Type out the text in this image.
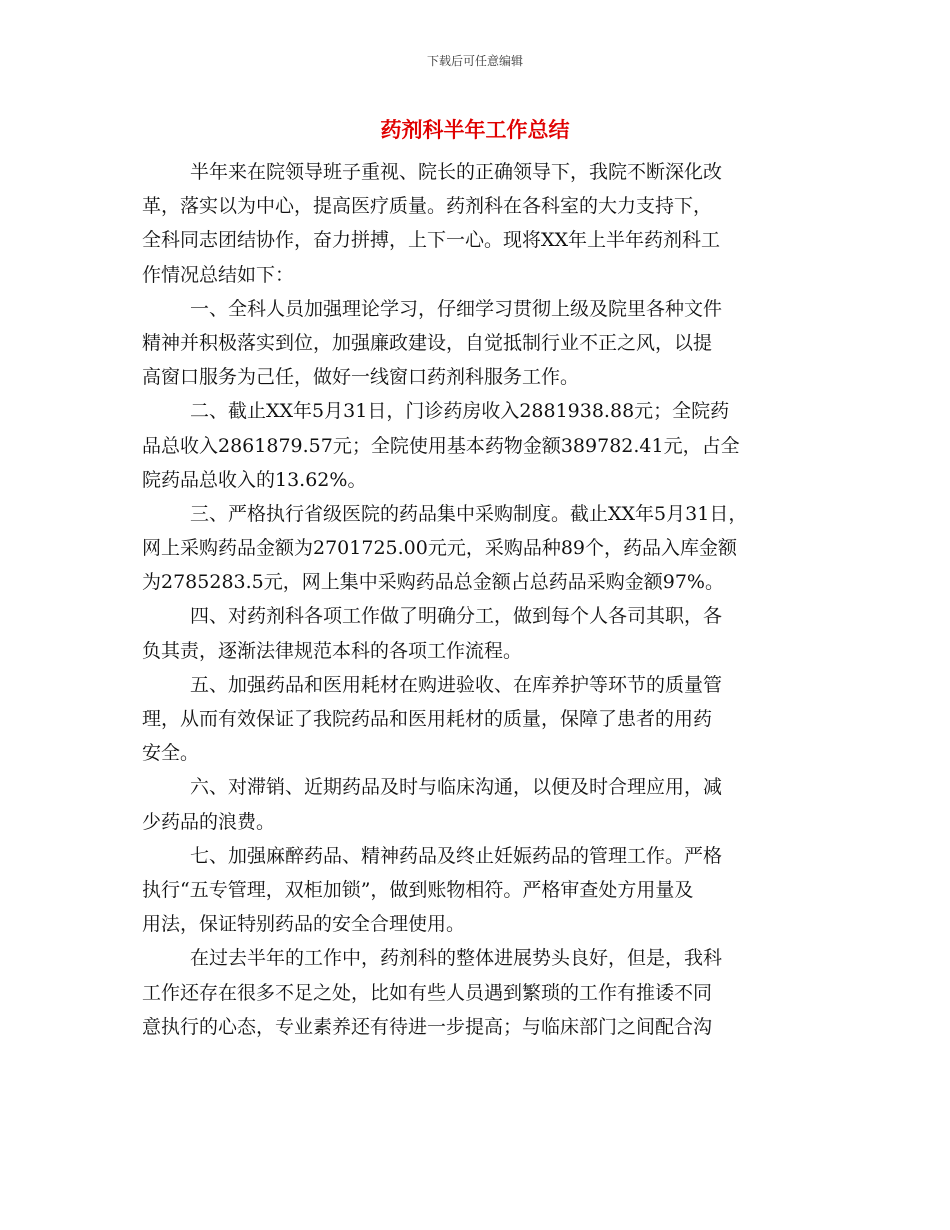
下载后可任意编辑
药剂科半年工作总结
半年来在院领导班子重视、院长的正确领导下，我院不断深化改
革，落实以为中心，提高医疗质量。药剂科在各科室的大力支持下，
全科同志团结协作，奋力拼搏，上下一心。现将XX年上半年药剂科工
作情况总结如下：
一、全科人员加强理论学习，仔细学习贯彻上级及院里各种文件
精神并积极落实到位，加强廉政建设，自觉抵制行业不正之风，以提
高窗口服务为己任，做好一线窗口药剂科服务工作。
二、截止XX年5月31日，门诊药房收入2881938.88元；全院药
品总收入2861879.57元；全院使用基本药物金额389782.41元，占全
院药品总收入的13.62%。
三、严格执行省级医院的药品集中采购制度。截止XX年5月31日，
网上采购药品金额为2701725.00元元，采购品种89个，药品入库金额
为2785283.5元，网上集中采购药品总金额占总药品采购金额97%。
四、对药剂科各项工作做了明确分工，做到每个人各司其职，各
负其责，逐渐法律规范本科的各项工作流程。
五、加强药品和医用耗材在购进验收、在库养护等环节的质量管
理，从而有效保证了我院药品和医用耗材的质量，保障了患者的用药
安全。
六、对滞销、近期药品及时与临床沟通，以便及时合理应用，减
少药品的浪费。
七、加强麻醉药品、精神药品及终止妊娠药品的管理工作。严格
执行“五专管理，双柜加锁”，做到账物相符。严格审查处方用量及
用法，保证特别药品的安全合理使用。
在过去半年的工作中，药剂科的整体进展势头良好，但是，我科
工作还存在很多不足之处，比如有些人员遇到繁琐的工作有推诿不同
意执行的心态，专业素养还有待进一步提高；与临床部门之间配合沟
